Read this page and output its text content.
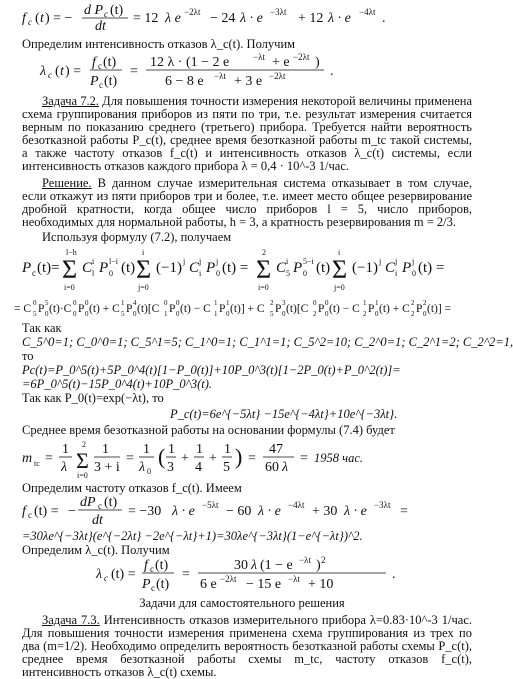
f c ( t ) = −
d P c (t)
dt
= 12 λ e −2λt − 24 λ · e −3λt + 12 λ · e −4λt .

Определим интенсивность отказов λ_c(t). Получим

λ c ( t ) =
f c (t)
P c (t)
=
12 λ · (1 − 2 e	−λt + e −2λt )
6 − 8 e −λt + 3 e −2λt	.
Задача 7.2. Для повышения точности измерения некоторой величины применена схема группирования приборов из пяти по три, т.е. результат измерения считается верным по показанию среднего (третьего) прибора. Требуется найти вероятность безотказной работы P_c(t), среднее время безотказной работы m_tc такой системы, а также частоту отказов f_c(t) и интенсивность отказов λ_c(t) системы, если интенсивность отказов каждого прибора λ = 0,4 · 10^-3 1/час.
Решение. В данном случае измерительная система отказывает в том случае, если откажут из пяти приборов три и более, т.е. имеет место общее резервирование дробной кратности, когда общее число приборов l = 5, число приборов, необходимых для нормальной работы, h = 3, а кратность резервирования m = 2/3.

Используя формулу (7.2), получаем

P c (t)=
l−h
Σ
i=0
C i
l P l−i
0 (t)
i
Σ
j=0
(−1) j C j
i P j
0 (t) =
2
Σ
i=0
C i
5 P 5−i
0 (t)
i
Σ
j=0
(−1) j C j
i P j
0 (t) =
= C 0
5 P 5
0 (t)·C 0
0 P 0
0 (t) + C 1
5 P 4
0 (t)[C 0
1 P 0
0 (t) − C 1
1 P 1
0 (t)] + C 2
5 P 3
0 (t)[C 0
2 P 0
0 (t) − C 1
2 P 1
0 (t) + C 2
2 P 2
0 (t)] =

Так как

C_5^0=1; C_0^0=1; C_5^1=5; C_1^0=1; C_1^1=1; C_5^2=10; C_2^0=1; C_2^1=2; C_2^2=1,

то

Pc(t)=P_0^5(t)+5P_0^4(t)[1−P_0(t)]+10P_0^3(t)[1−2P_0(t)+P_0^2(t)]=

=6P_0^5(t)−15P_0^4(t)+10P_0^3(t).

Так как P_0(t)=exp(−λt), то

P_c(t)=6e^{−5λt} −15e^{−4λt}+10e^{−3λt}.

Среднее время безотказной работы на основании формулы (7.4) будет

m tc =
1
λ
2
Σ
i=0
1
3 + i
=
1
λ 0
( 1
3
+
1
4
+
1
5 ) =
47
60 λ
= 1958 час.

Определим частоту отказов f_c(t). Имеем

f c (t) = −
dP c (t)
dt
= −30 λ · e −5λt − 60 λ · e −4λt + 30 λ · e −3λt =

=30λe^{−3λt}(e^{−2λt} −2e^{−λt}+1)=30λe^{−3λt}(1−e^{−λt})^2.

Определим λ_c(t). Получим

λ c (t) =
f c (t)
P c (t)
=
30 λ (1 − e −λt ) 2
6 e −2λt − 15 e −λt + 10
.

Задачи для самостоятельного решения

Задача 7.3. Интенсивность отказов измерительного прибора λ=0.83·10^-3 1/час. Для повышения точности измерения применена схема группирования из трех по два (m=1/2). Необходимо определить вероятность безотказной работы схемы P_c(t), среднее время безотказной работы схемы m_tc, частоту отказов f_c(t), интенсивность отказов λ_c(t) схемы.
